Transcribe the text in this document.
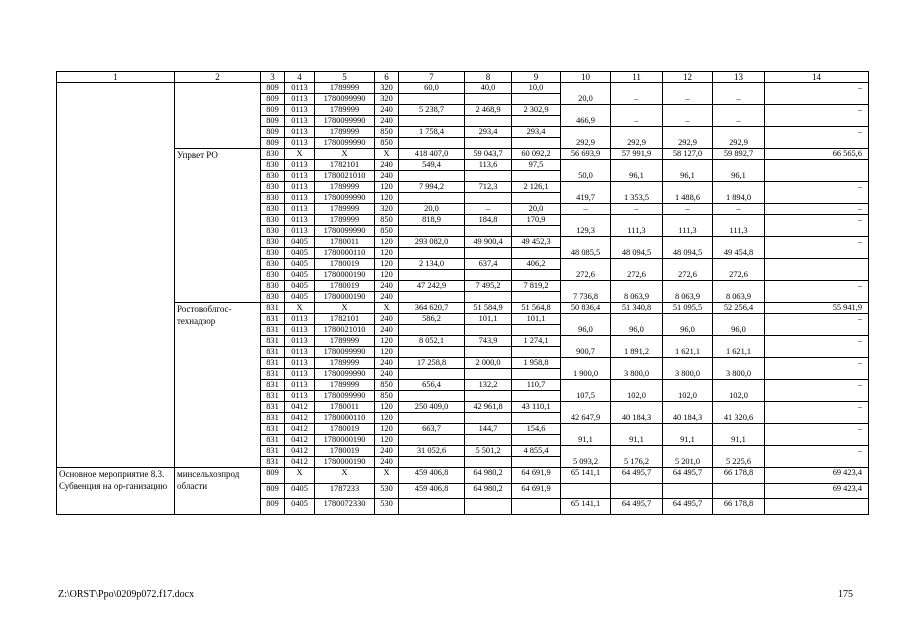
1	2	3	4	5	6	7	8	9	10	11	12	13	14
		809	0113	1789999	320	60,0	40,0	10,0	20,0	–	–	–	–
		809	0113	1780099990	320								
		809	0113	1789999	240	5 238,7	2 468,9	2 302,9	466,9	–	–	–	–
		809	0113	1780099990	240								
		809	0113	1789999	850	1 758,4	293,4	293,4	292,9	292,9	292,9	292,9	–
		809	0113	1780099990	850								
	Упрвет РО	830	X	X	X	418 407,0	59 043,7	60 092,2	56 693,9	57 991,9	58 127,0	59 892,7	66 565,6
		830	0113	1782101	240	549,4	113,6	97,5	50,0	96,1	96,1	96,1	
		830	0113	1780021010	240								
		830	0113	1789999	120	7 994,2	712,3	2 126,1	419,7	1 353,5	1 488,6	1 894,0	–
		830	0113	1780099990	120								
		830	0113	1789999	320	20,0	–	20,0	–	–	–	–	–
		830	0113	1789999	850	818,9	184,8	170,9	129,3	111,3	111,3	111,3	–
		830	0113	1780099990	850								
		830	0405	1780011	120	293 082,0	49 900,4	49 452,3	48 085,5	48 094,5	48 094,5	49 454,8	–
		830	0405	1780000110	120								
		830	0405	1780019	120	2 134,0	637,4	406,2	272,6	272,6	272,6	272,6	
		830	0405	1780000190	120								
		830	0405	1780019	240	47 242,9	7 495,2	7 819,2	7 736,8	8 063,9	8 063,9	8 063,9	–
		830	0405	1780000190	240								
	Ростовоблгос-технадзор	831	X	X	X	364 620,7	51 584,9	51 564,8	50 836,4	51 340,8	51 095,5	52 256,4	55 941,9
		831	0113	1782101	240	586,2	101,1	101,1	96,0	96,0	96,0	96,0	–
		831	0113	1780021010	240								
		831	0113	1789999	120	8 052,1	743,9	1 274,1	900,7	1 891,2	1 621,1	1 621,1	–
		831	0113	1780099990	120								
		831	0113	1789999	240	17 258,8	2 000,0	1 958,8	1 900,0	3 800,0	3 800,0	3 800,0	–
		831	0113	1780099990	240								
		831	0113	1789999	850	656,4	132,2	110,7	107,5	102,0	102,0	102,0	–
		831	0113	1780099990	850								
		831	0412	1780011	120	250 409,0	42 961,8	43 110,1	42 647,9	40 184,3	40 184,3	41 320,6	–
		831	0412	1780000110	120								
		831	0412	1780019	120	663,7	144,7	154,6	91,1	91,1	91,1	91,1	–
		831	0412	1780000190	120								
		831	0412	1780019	240	31 052,6	5 501,2	4 855,4	5 093,2	5 176,2	5 201,0	5 225,6	–
		831	0412	1780000190	240								
Основное мероприятие 8.3. Субвенция на ор-ганизацию	минсельхозпрод области	809	X	X	X	459 406,8	64 980,2	64 691,9	65 141,1	64 495,7	64 495,7	66 178,8	69 423,4
		809	0405	1787233	530	459 406,8	64 980,2	64 691,9					69 423,4
		809	0405	1780072330	530				65 141,1	64 495,7	64 495,7	66 178,8	
Z:\ORST\Ppo\0209p072.f17.docx	175
